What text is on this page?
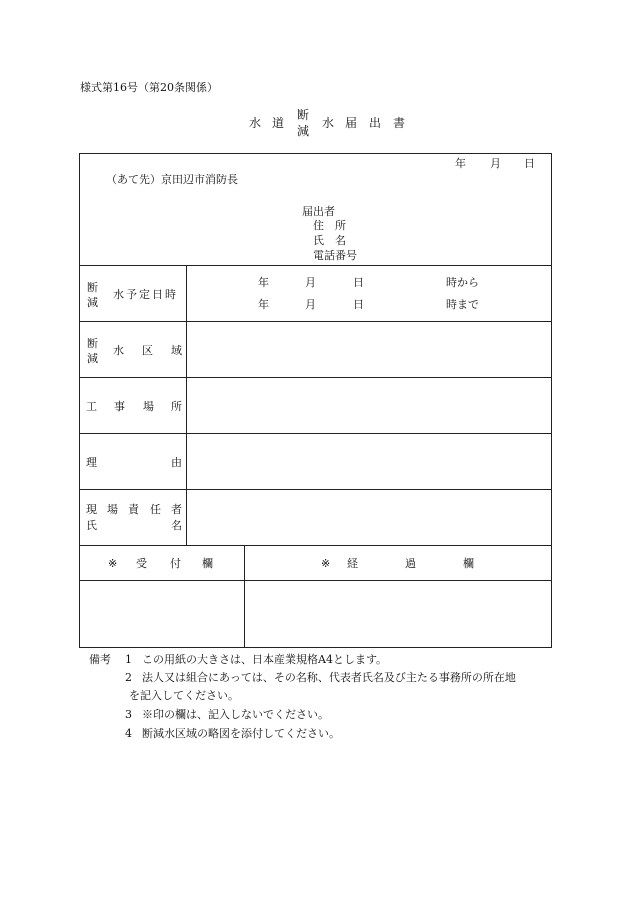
様式第16号（第20条関係）
水 道
断
減
水 届 出 書
年 月 日
（あて先）京田辺市消防長
届出者
住　所
氏　名
電話番号
断
減
水予定日時
年	月	日	時から
年	月	日	時まで
断
減
水 区 域
工 事 場 所
理	由
現 場 責 任 者
氏	名
※ 受 付 欄	※ 経	過	欄
備考 1 この用紙の大きさは、日本産業規格A4とします。
2 法人又は組合にあっては、その名称、代表者氏名及び主たる事務所の所在地
を記入してください。
3 ※印の欄は、記入しないでください。
4 断減水区域の略図を添付してください。
